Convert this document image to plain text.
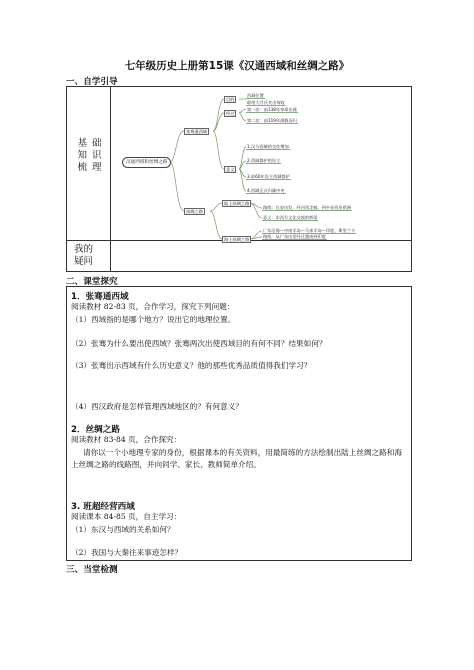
七年级历史上册第15课《汉通西域和丝绸之路》
一、自学引导
基 础
知 识
梳 理
我的
疑问
汉通西域和丝绸之路
张骞通西域
丝绸之路
目的
经过
意义
西域位置
联络大月氏夹击匈奴
第一次：前138年奉命出使
第二次：前119年满载而归
1.汉与西域的交往增加
2.西域都护的设立
3.前60年设立西域都护
4.西域正式归属中央
陆上丝绸之路
海上丝绸之路
路线：长安出发，经河西走廊，到中亚西亚欧洲
意义：东西方文化交流的桥梁
广东沿海—中南半岛—马来半岛—印度、斯里兰卡
路线：从广东出发经过越南到印度
二、课堂探究
1．张骞通西域
阅读教材 82-83 页，合作学习，探究下列问题：
（1）西域指的是哪个地方？说出它的地理位置。
（2）张骞为什么要出使西域？张骞两次出使西域目的有何不同？结果如何？
（3）张骞出示西域有什么历史意义？他的那些优秀品质值得我们学习？
（4）西汉政府是怎样管理西域地区的？有何意义？
2．丝绸之路
阅读教材 83-84 页，合作探究：
请你以一个小地理专家的身份，根据课本的有关资料，用最简练的方法绘制出陆上丝绸之路和海上丝绸之路的线路图，并向同学、家长、教师简单介绍。
3. 班超经营西域
阅读课本 84-85 页，自主学习：
（1）东汉与西域的关系如何？
（2）我国与大秦往来事迹怎样？
三、当堂检测
